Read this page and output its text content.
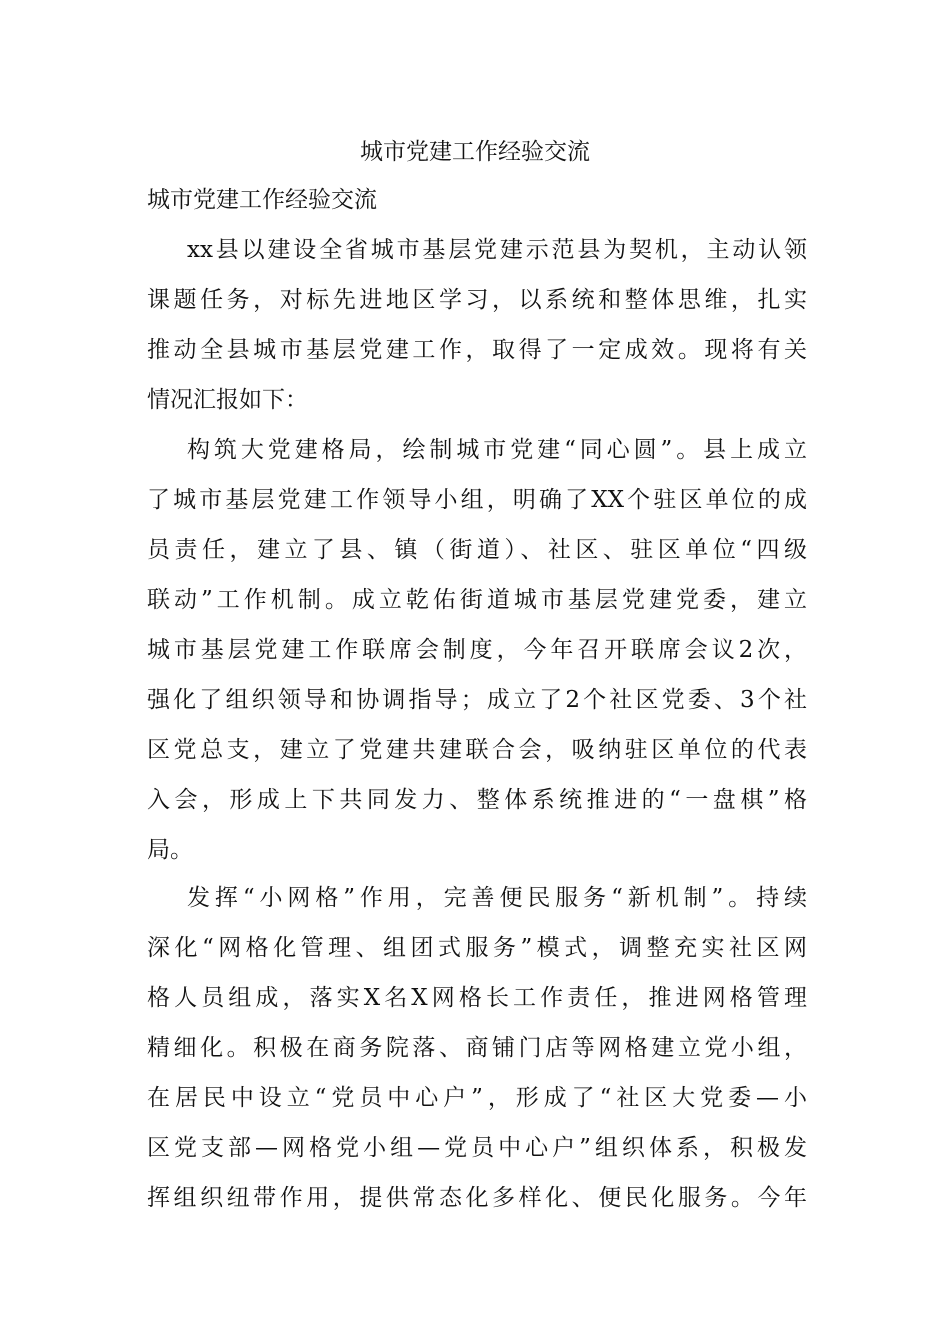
城市党建工作经验交流
城市党建工作经验交流
xx县以建设全省城市基层党建示范县为契机，主动认领
课题任务，对标先进地区学习，以系统和整体思维，扎实
推动全县城市基层党建工作，取得了一定成效。现将有关
情况汇报如下：
构筑大党建格局，绘制城市党建“同心圆”。县上成立
了城市基层党建工作领导小组，明确了XX个驻区单位的成
员责任，建立了县、镇（街道）、社区、驻区单位“四级
联动”工作机制。成立乾佑街道城市基层党建党委，建立
城市基层党建工作联席会制度，今年召开联席会议2次，
强化了组织领导和协调指导；成立了2个社区党委、3个社
区党总支，建立了党建共建联合会，吸纳驻区单位的代表
入会，形成上下共同发力、整体系统推进的“一盘棋”格
局。
发挥“小网格”作用，完善便民服务“新机制”。持续
深化“网格化管理、组团式服务”模式，调整充实社区网
格人员组成，落实X名X网格长工作责任，推进网格管理
精细化。积极在商务院落、商铺门店等网格建立党小组，
在居民中设立“党员中心户”，形成了“社区大党委—小
区党支部—网格党小组—党员中心户”组织体系，积极发
挥组织纽带作用，提供常态化多样化、便民化服务。今年
